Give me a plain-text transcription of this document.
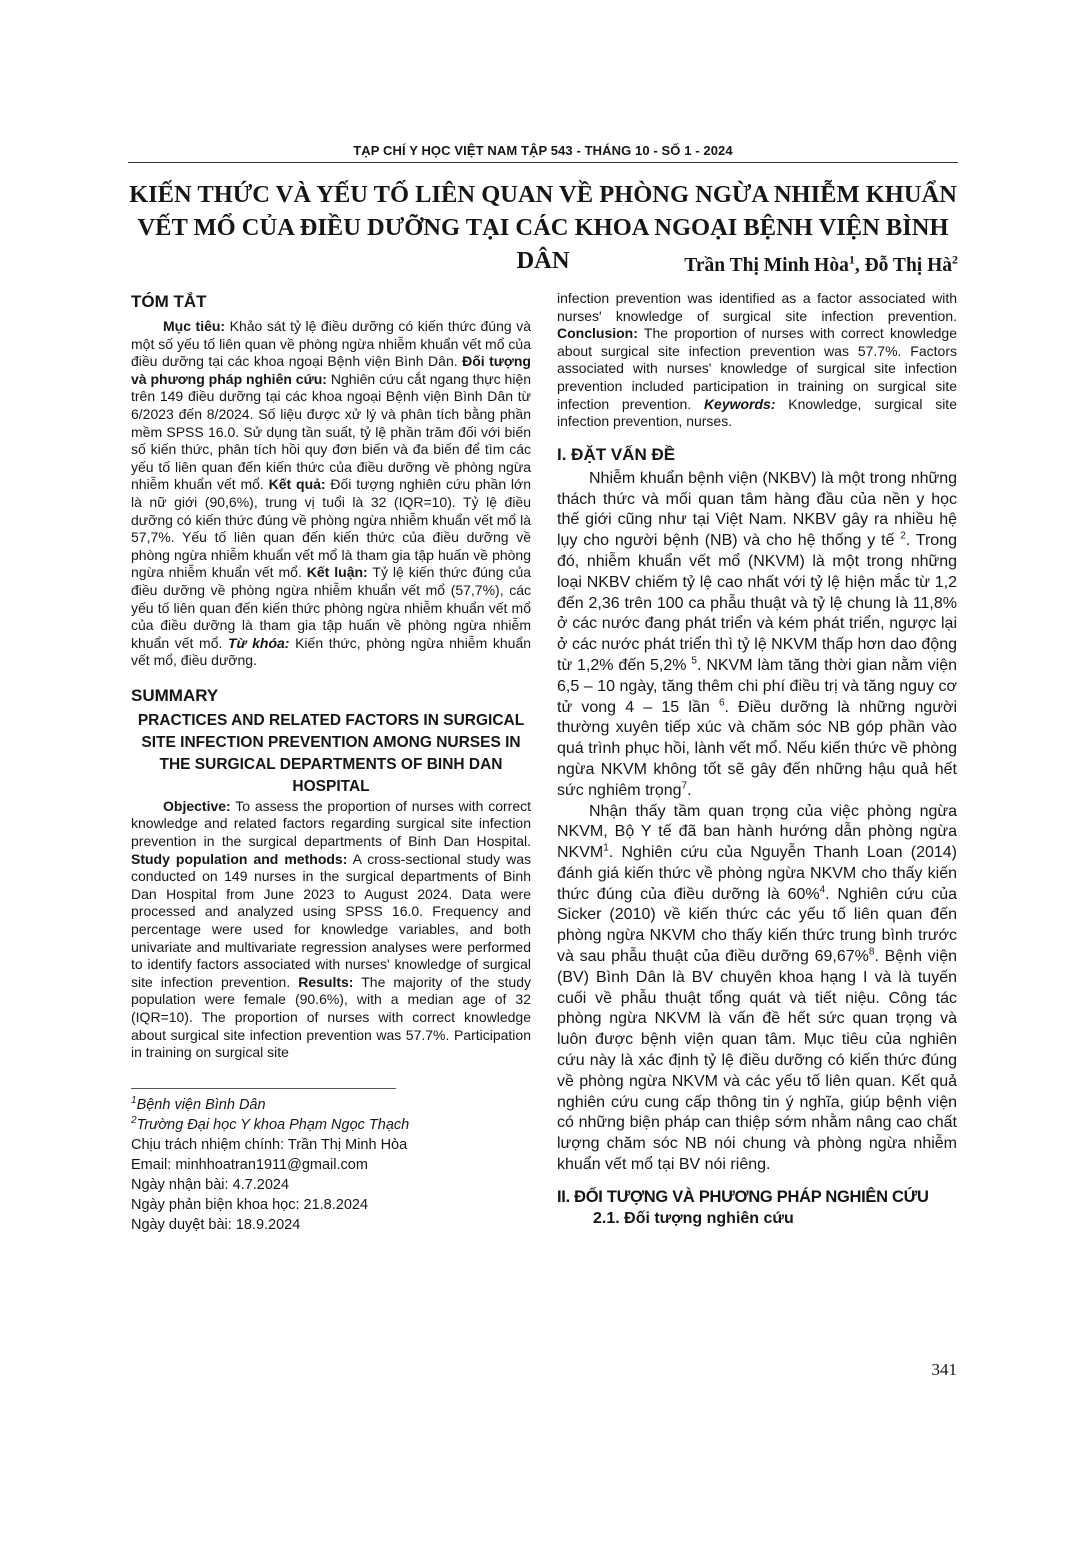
TẠP CHÍ Y HỌC VIỆT NAM TẬP 543 - THÁNG 10 - SỐ 1 - 2024
KIẾN THỨC VÀ YẾU TỐ LIÊN QUAN VỀ PHÒNG NGỪA NHIỄM KHUẨN
VẾT MỔ CỦA ĐIỀU DƯỠNG TẠI CÁC KHOA NGOẠI BỆNH VIỆN BÌNH DÂN	Trần Thị Minh Hòa$^1$, Đỗ Thị $Hà^2$
TÓM TẮT

Mục tiêu: Khảo sát tỷ lệ điều dưỡng có kiến thức đúng và một số yếu tố liên quan về phòng ngừa nhiễm khuẩn vết mổ của điều dưỡng tại các khoa ngoại Bệnh viện Bình Dân. Đối tượng và phương pháp nghiên cứu: Nghiên cứu cắt ngang thực hiện trên 149 điều dưỡng tại các khoa ngoại Bệnh viện Bình Dân từ 6/2023 đến 8/2024. Số liệu được xử lý và phân tích bằng phần mềm SPSS 16.0. Sử dụng tần suất, tỷ lệ phần trăm đối với biến số kiến thức, phân tích hồi quy đơn biến và đa biến để tìm các yếu tố liên quan đến kiến thức của điều dưỡng về phòng ngừa nhiễm khuẩn vết mổ. Kết quả: Đối tượng nghiên cứu phần lớn là nữ giới (90,6%), trung vị tuổi là 32 (IQR=10). Tỷ lệ điều dưỡng có kiến thức đúng về phòng ngừa nhiễm khuẩn vết mổ là 57,7%. Yếu tố liên quan đến kiến thức của điều dưỡng về phòng ngừa nhiễm khuẩn vết mổ là tham gia tập huấn về phòng ngừa nhiễm khuẩn vết mổ. Kết luận: Tỷ lệ kiến thức đúng của điều dưỡng về phòng ngừa nhiễm khuẩn vết mổ (57,7%), các yếu tố liên quan đến kiến thức phòng ngừa nhiễm khuẩn vết mổ của điều dưỡng là tham gia tập huấn về phòng ngừa nhiễm khuẩn vết mổ. Từ khóa: Kiến thức, phòng ngừa nhiễm khuẩn vết mổ, điều dưỡng.

SUMMARY
PRACTICES AND RELATED FACTORS IN SURGICAL SITE INFECTION PREVENTION AMONG NURSES IN THE SURGICAL DEPARTMENTS OF BINH DAN HOSPITAL

Objective: To assess the proportion of nurses with correct knowledge and related factors regarding surgical site infection prevention in the surgical departments of Binh Dan Hospital. Study population and methods: A cross-sectional study was conducted on 149 nurses in the surgical departments of Binh Dan Hospital from June 2023 to August 2024. Data were processed and analyzed using SPSS 16.0. Frequency and percentage were used for knowledge variables, and both univariate and multivariate regression analyses were performed to identify factors associated with nurses' knowledge of surgical site infection prevention. Results: The majority of the study population were female (90.6%), with a median age of 32 (IQR=10). The proportion of nurses with correct knowledge about surgical site infection prevention was 57.7%. Participation in training on surgical site

$^1$Bệnh viện Bình Dân

$^2$Trường Đại học Y khoa Phạm Ngọc Thạch

Chịu trách nhiệm chính: Trần Thị Minh Hòa

Email: minhhoatran1911@gmail.com

Ngày nhận bài: 4.7.2024

Ngày phản biện khoa học: 21.8.2024

Ngày duyệt bài: 18.9.2024

infection prevention was identified as a factor associated with nurses' knowledge of surgical site infection prevention. Conclusion: The proportion of nurses with correct knowledge about surgical site infection prevention was 57.7%. Factors associated with nurses' knowledge of surgical site infection prevention included participation in training on surgical site infection prevention. Keywords: Knowledge, surgical site infection prevention, nurses.

I. ĐẶT VẤN ĐỀ

Nhiễm khuẩn bệnh viện (NKBV) là một trong những thách thức và mối quan tâm hàng đầu của nền y học thế giới cũng như tại Việt Nam. NKBV gây ra nhiều hệ lụy cho người bệnh (NB) và cho hệ thống y tế $^2$. Trong đó, nhiễm khuẩn vết mổ (NKVM) là một trong những loại NKBV chiếm tỷ lệ cao nhất với tỷ lệ hiện mắc từ 1,2 đến 2,36 trên 100 ca phẫu thuật và tỷ lệ chung là 11,8% ở các nước đang phát triển và kém phát triển, ngược lại ở các nước phát triển thì tỷ lệ NKVM thấp hơn dao động từ 1,2% đến 5,2% $^5$. NKVM làm tăng thời gian nằm viện 6,5 – 10 ngày, tăng thêm chi phí điều trị và tăng nguy cơ tử vong 4 – 15 lần $^6$. Điều dưỡng là những người thường xuyên tiếp xúc và chăm sóc NB góp phần vào quá trình phục hồi, lành vết mổ. Nếu kiến thức về phòng ngừa NKVM không tốt sẽ gây đến những hậu quả hết sức nghiêm trọng$^7$.

Nhận thấy tầm quan trọng của việc phòng ngừa NKVM, Bộ Y tế đã ban hành hướng dẫn phòng ngừa NKVM$^1$. Nghiên cứu của Nguyễn Thanh Loan (2014) đánh giá kiến thức về phòng ngừa NKVM cho thấy kiến thức đúng của điều dưỡng là 60%$^4$. Nghiên cứu của Sicker (2010) về kiến thức các yếu tố liên quan đến phòng ngừa NKVM cho thấy kiến thức trung bình trước và sau phẫu thuật của điều dưỡng 69,67%$^8$. Bệnh viện (BV) Bình Dân là BV chuyên khoa hạng I và là tuyến cuối về phẫu thuật tổng quát và tiết niệu. Công tác phòng ngừa NKVM là vấn đề hết sức quan trọng và luôn được bệnh viện quan tâm. Mục tiêu của nghiên cứu này là xác định tỷ lệ điều dưỡng có kiến thức đúng về phòng ngừa NKVM và các yếu tố liên quan. Kết quả nghiên cứu cung cấp thông tin ý nghĩa, giúp bệnh viện có những biện pháp can thiệp sớm nhằm nâng cao chất lượng chăm sóc NB nói chung và phòng ngừa nhiễm khuẩn vết mổ tại BV nói riêng.

II. ĐỐI TƯỢNG VÀ PHƯƠNG PHÁP NGHIÊN CỨU
2.1. Đối tượng nghiên cứu
341
